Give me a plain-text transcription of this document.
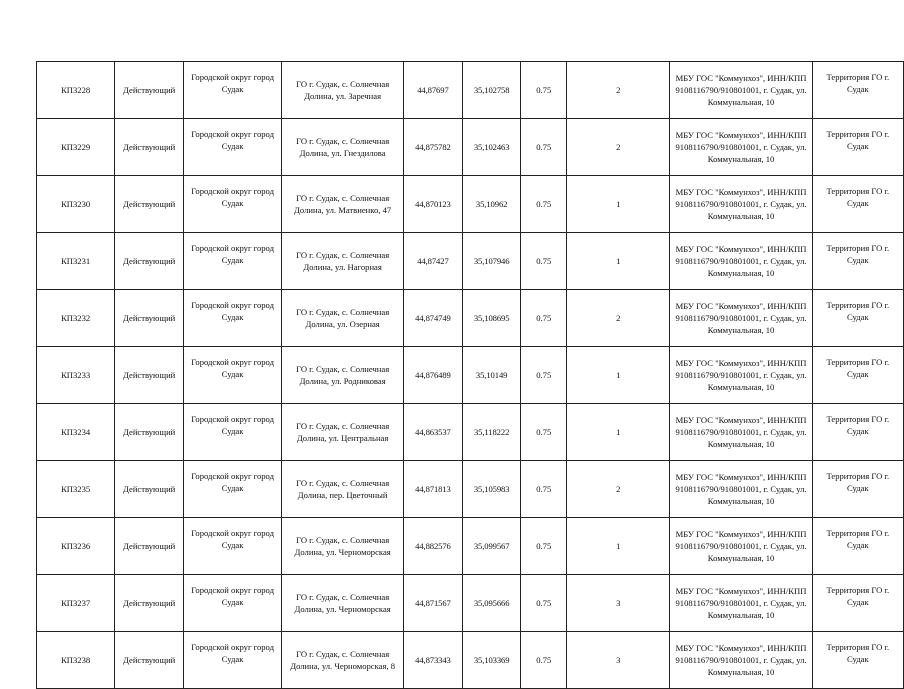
КП3228	Действующий	Городской округ город Судак	ГО г. Судак, с. Солнечная Долина, ул. Заречная	44,87697	35,102758	0.75	2	МБУ ГОС "Коммунхоз", ИНН/КПП 9108116790/910801001, г. Судак, ул. Коммунальная, 10	Территория ГО г. Судак
КП3229	Действующий	Городской округ город Судак	ГО г. Судак, с. Солнечная Долина, ул. Гнездилова	44,875782	35,102463	0.75	2	МБУ ГОС "Коммунхоз", ИНН/КПП 9108116790/910801001, г. Судак, ул. Коммунальная, 10	Территория ГО г. Судак
КП3230	Действующий	Городской округ город Судак	ГО г. Судак, с. Солнечная Долина, ул. Матвиенко, 47	44,870123	35,10962	0.75	1	МБУ ГОС "Коммунхоз", ИНН/КПП 9108116790/910801001, г. Судак, ул. Коммунальная, 10	Территория ГО г. Судак
КП3231	Действующий	Городской округ город Судак	ГО г. Судак, с. Солнечная Долина, ул. Нагорная	44,87427	35,107946	0.75	1	МБУ ГОС "Коммунхоз", ИНН/КПП 9108116790/910801001, г. Судак, ул. Коммунальная, 10	Территория ГО г. Судак
КП3232	Действующий	Городской округ город Судак	ГО г. Судак, с. Солнечная Долина, ул. Озерная	44,874749	35,108695	0.75	2	МБУ ГОС "Коммунхоз", ИНН/КПП 9108116790/910801001, г. Судак, ул. Коммунальная, 10	Территория ГО г. Судак
КП3233	Действующий	Городской округ город Судак	ГО г. Судак, с. Солнечная Долина, ул. Родниковая	44,876489	35,10149	0.75	1	МБУ ГОС "Коммунхоз", ИНН/КПП 9108116790/910801001, г. Судак, ул. Коммунальная, 10	Территория ГО г. Судак
КП3234	Действующий	Городской округ город Судак	ГО г. Судак, с. Солнечная Долина, ул. Центральная	44,863537	35,118222	0.75	1	МБУ ГОС "Коммунхоз", ИНН/КПП 9108116790/910801001, г. Судак, ул. Коммунальная, 10	Территория ГО г. Судак
КП3235	Действующий	Городской округ город Судак	ГО г. Судак, с. Солнечная Долина, пер. Цветочный	44,871813	35,105983	0.75	2	МБУ ГОС "Коммунхоз", ИНН/КПП 9108116790/910801001, г. Судак, ул. Коммунальная, 10	Территория ГО г. Судак
КП3236	Действующий	Городской округ город Судак	ГО г. Судак, с. Солнечная Долина, ул. Черноморская	44,882576	35,099567	0.75	1	МБУ ГОС "Коммунхоз", ИНН/КПП 9108116790/910801001, г. Судак, ул. Коммунальная, 10	Территория ГО г. Судак
КП3237	Действующий	Городской округ город Судак	ГО г. Судак, с. Солнечная Долина, ул. Черноморская	44,871567	35,095666	0.75	3	МБУ ГОС "Коммунхоз", ИНН/КПП 9108116790/910801001, г. Судак, ул. Коммунальная, 10	Территория ГО г. Судак
КП3238	Действующий	Городской округ город Судак	ГО г. Судак, с. Солнечная Долина, ул. Черноморская, 8	44,873343	35,103369	0.75	3	МБУ ГОС "Коммунхоз", ИНН/КПП 9108116790/910801001, г. Судак, ул. Коммунальная, 10	Территория ГО г. Судак
